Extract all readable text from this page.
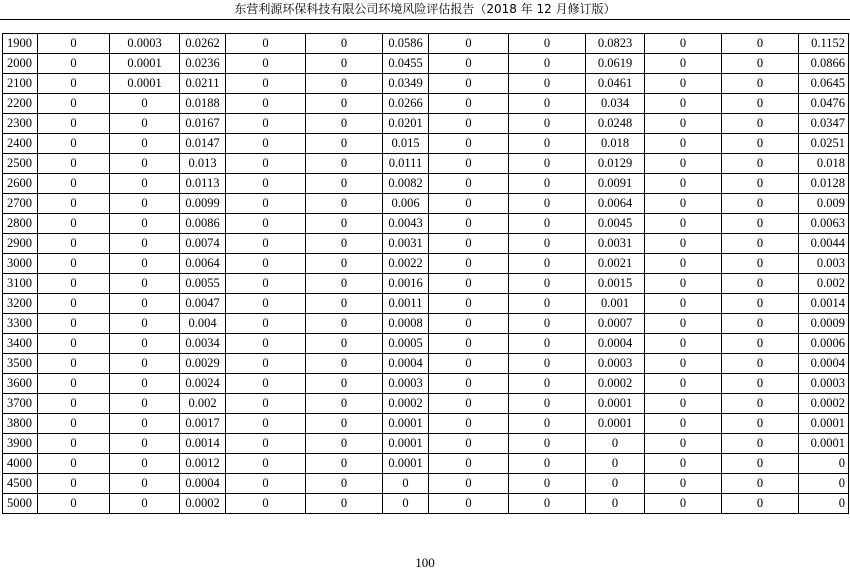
东营利源环保科技有限公司环境风险评估报告（2018 年 12 月修订版）
1900	0	0.0003	0.0262	0	0	0.0586	0	0	0.0823	0	0	0.1152
2000	0	0.0001	0.0236	0	0	0.0455	0	0	0.0619	0	0	0.0866
2100	0	0.0001	0.0211	0	0	0.0349	0	0	0.0461	0	0	0.0645
2200	0	0	0.0188	0	0	0.0266	0	0	0.034	0	0	0.0476
2300	0	0	0.0167	0	0	0.0201	0	0	0.0248	0	0	0.0347
2400	0	0	0.0147	0	0	0.015	0	0	0.018	0	0	0.0251
2500	0	0	0.013	0	0	0.0111	0	0	0.0129	0	0	0.018
2600	0	0	0.0113	0	0	0.0082	0	0	0.0091	0	0	0.0128
2700	0	0	0.0099	0	0	0.006	0	0	0.0064	0	0	0.009
2800	0	0	0.0086	0	0	0.0043	0	0	0.0045	0	0	0.0063
2900	0	0	0.0074	0	0	0.0031	0	0	0.0031	0	0	0.0044
3000	0	0	0.0064	0	0	0.0022	0	0	0.0021	0	0	0.003
3100	0	0	0.0055	0	0	0.0016	0	0	0.0015	0	0	0.002
3200	0	0	0.0047	0	0	0.0011	0	0	0.001	0	0	0.0014
3300	0	0	0.004	0	0	0.0008	0	0	0.0007	0	0	0.0009
3400	0	0	0.0034	0	0	0.0005	0	0	0.0004	0	0	0.0006
3500	0	0	0.0029	0	0	0.0004	0	0	0.0003	0	0	0.0004
3600	0	0	0.0024	0	0	0.0003	0	0	0.0002	0	0	0.0003
3700	0	0	0.002	0	0	0.0002	0	0	0.0001	0	0	0.0002
3800	0	0	0.0017	0	0	0.0001	0	0	0.0001	0	0	0.0001
3900	0	0	0.0014	0	0	0.0001	0	0	0	0	0	0.0001
4000	0	0	0.0012	0	0	0.0001	0	0	0	0	0	0
4500	0	0	0.0004	0	0	0	0	0	0	0	0	0
5000	0	0	0.0002	0	0	0	0	0	0	0	0	0
100
